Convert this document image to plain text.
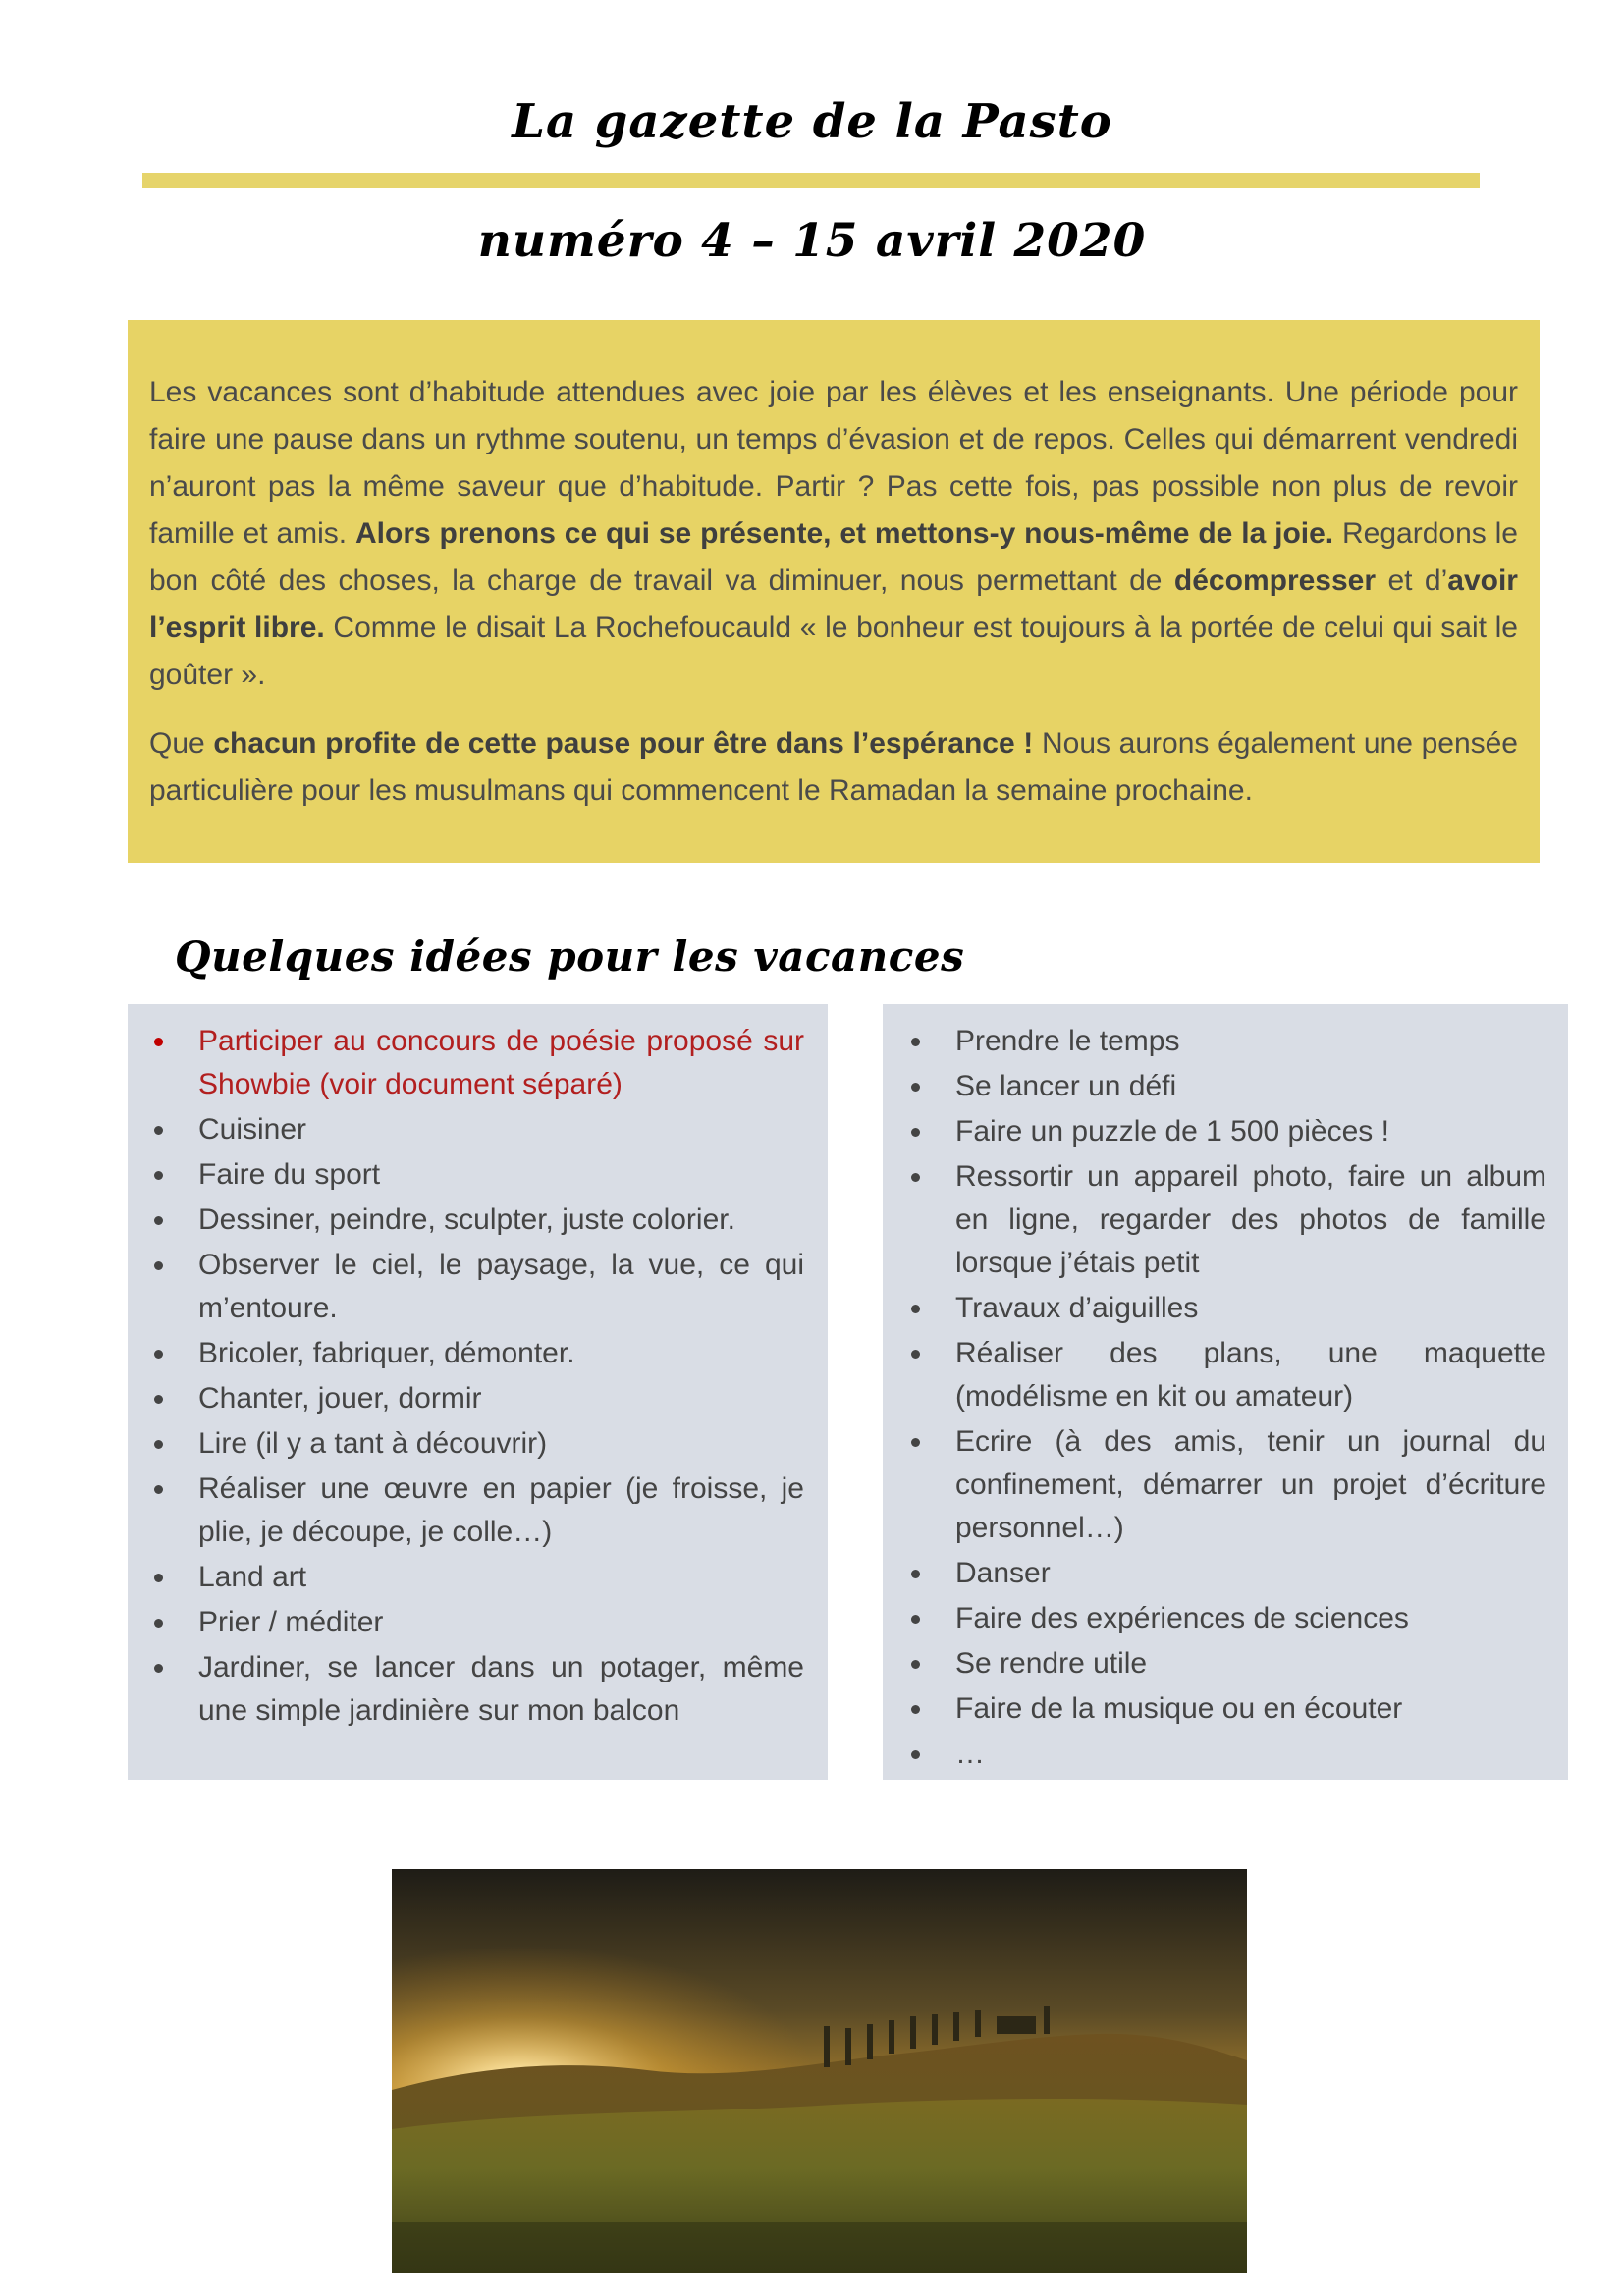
La gazette de la Pasto
numéro 4 – 15 avril 2020

Les vacances sont d’habitude attendues avec joie par les élèves et les enseignants. Une période pour faire une pause dans un rythme soutenu, un temps d’évasion et de repos. Celles qui démarrent vendredi n’auront pas la même saveur que d’habitude. Partir ? Pas cette fois, pas possible non plus de revoir famille et amis. Alors prenons ce qui se présente, et mettons-y nous-même de la joie. Regardons le bon côté des choses, la charge de travail va diminuer, nous permettant de décompresser et d’avoir l’esprit libre. Comme le disait La Rochefoucauld « le bonheur est toujours à la portée de celui qui sait le goûter ».

Que chacun profite de cette pause pour être dans l’espérance ! Nous aurons également une pensée particulière pour les musulmans qui commencent le Ramadan la semaine prochaine.

Quelques idées pour les vacances
Participer au concours de poésie proposé sur Showbie (voir document séparé)
Cuisiner
Faire du sport
Dessiner, peindre, sculpter, juste colorier.
Observer le ciel, le paysage, la vue, ce qui m’entoure.
Bricoler, fabriquer, démonter.
Chanter, jouer, dormir
Lire (il y a tant à découvrir)
Réaliser une œuvre en papier (je froisse, je plie, je découpe, je colle…)
Land art
Prier / méditer
Jardiner, se lancer dans un potager, même une simple jardinière sur mon balcon
Prendre le temps
Se lancer un défi
Faire un puzzle de 1 500 pièces !
Ressortir un appareil photo, faire un album en ligne, regarder des photos de famille lorsque j’étais petit
Travaux d’aiguilles
Réaliser des plans, une maquette (modélisme en kit ou amateur)
Ecrire (à des amis, tenir un journal du confinement, démarrer un projet d’écriture personnel…)
Danser
Faire des expériences de sciences
Se rendre utile
Faire de la musique ou en écouter
…
